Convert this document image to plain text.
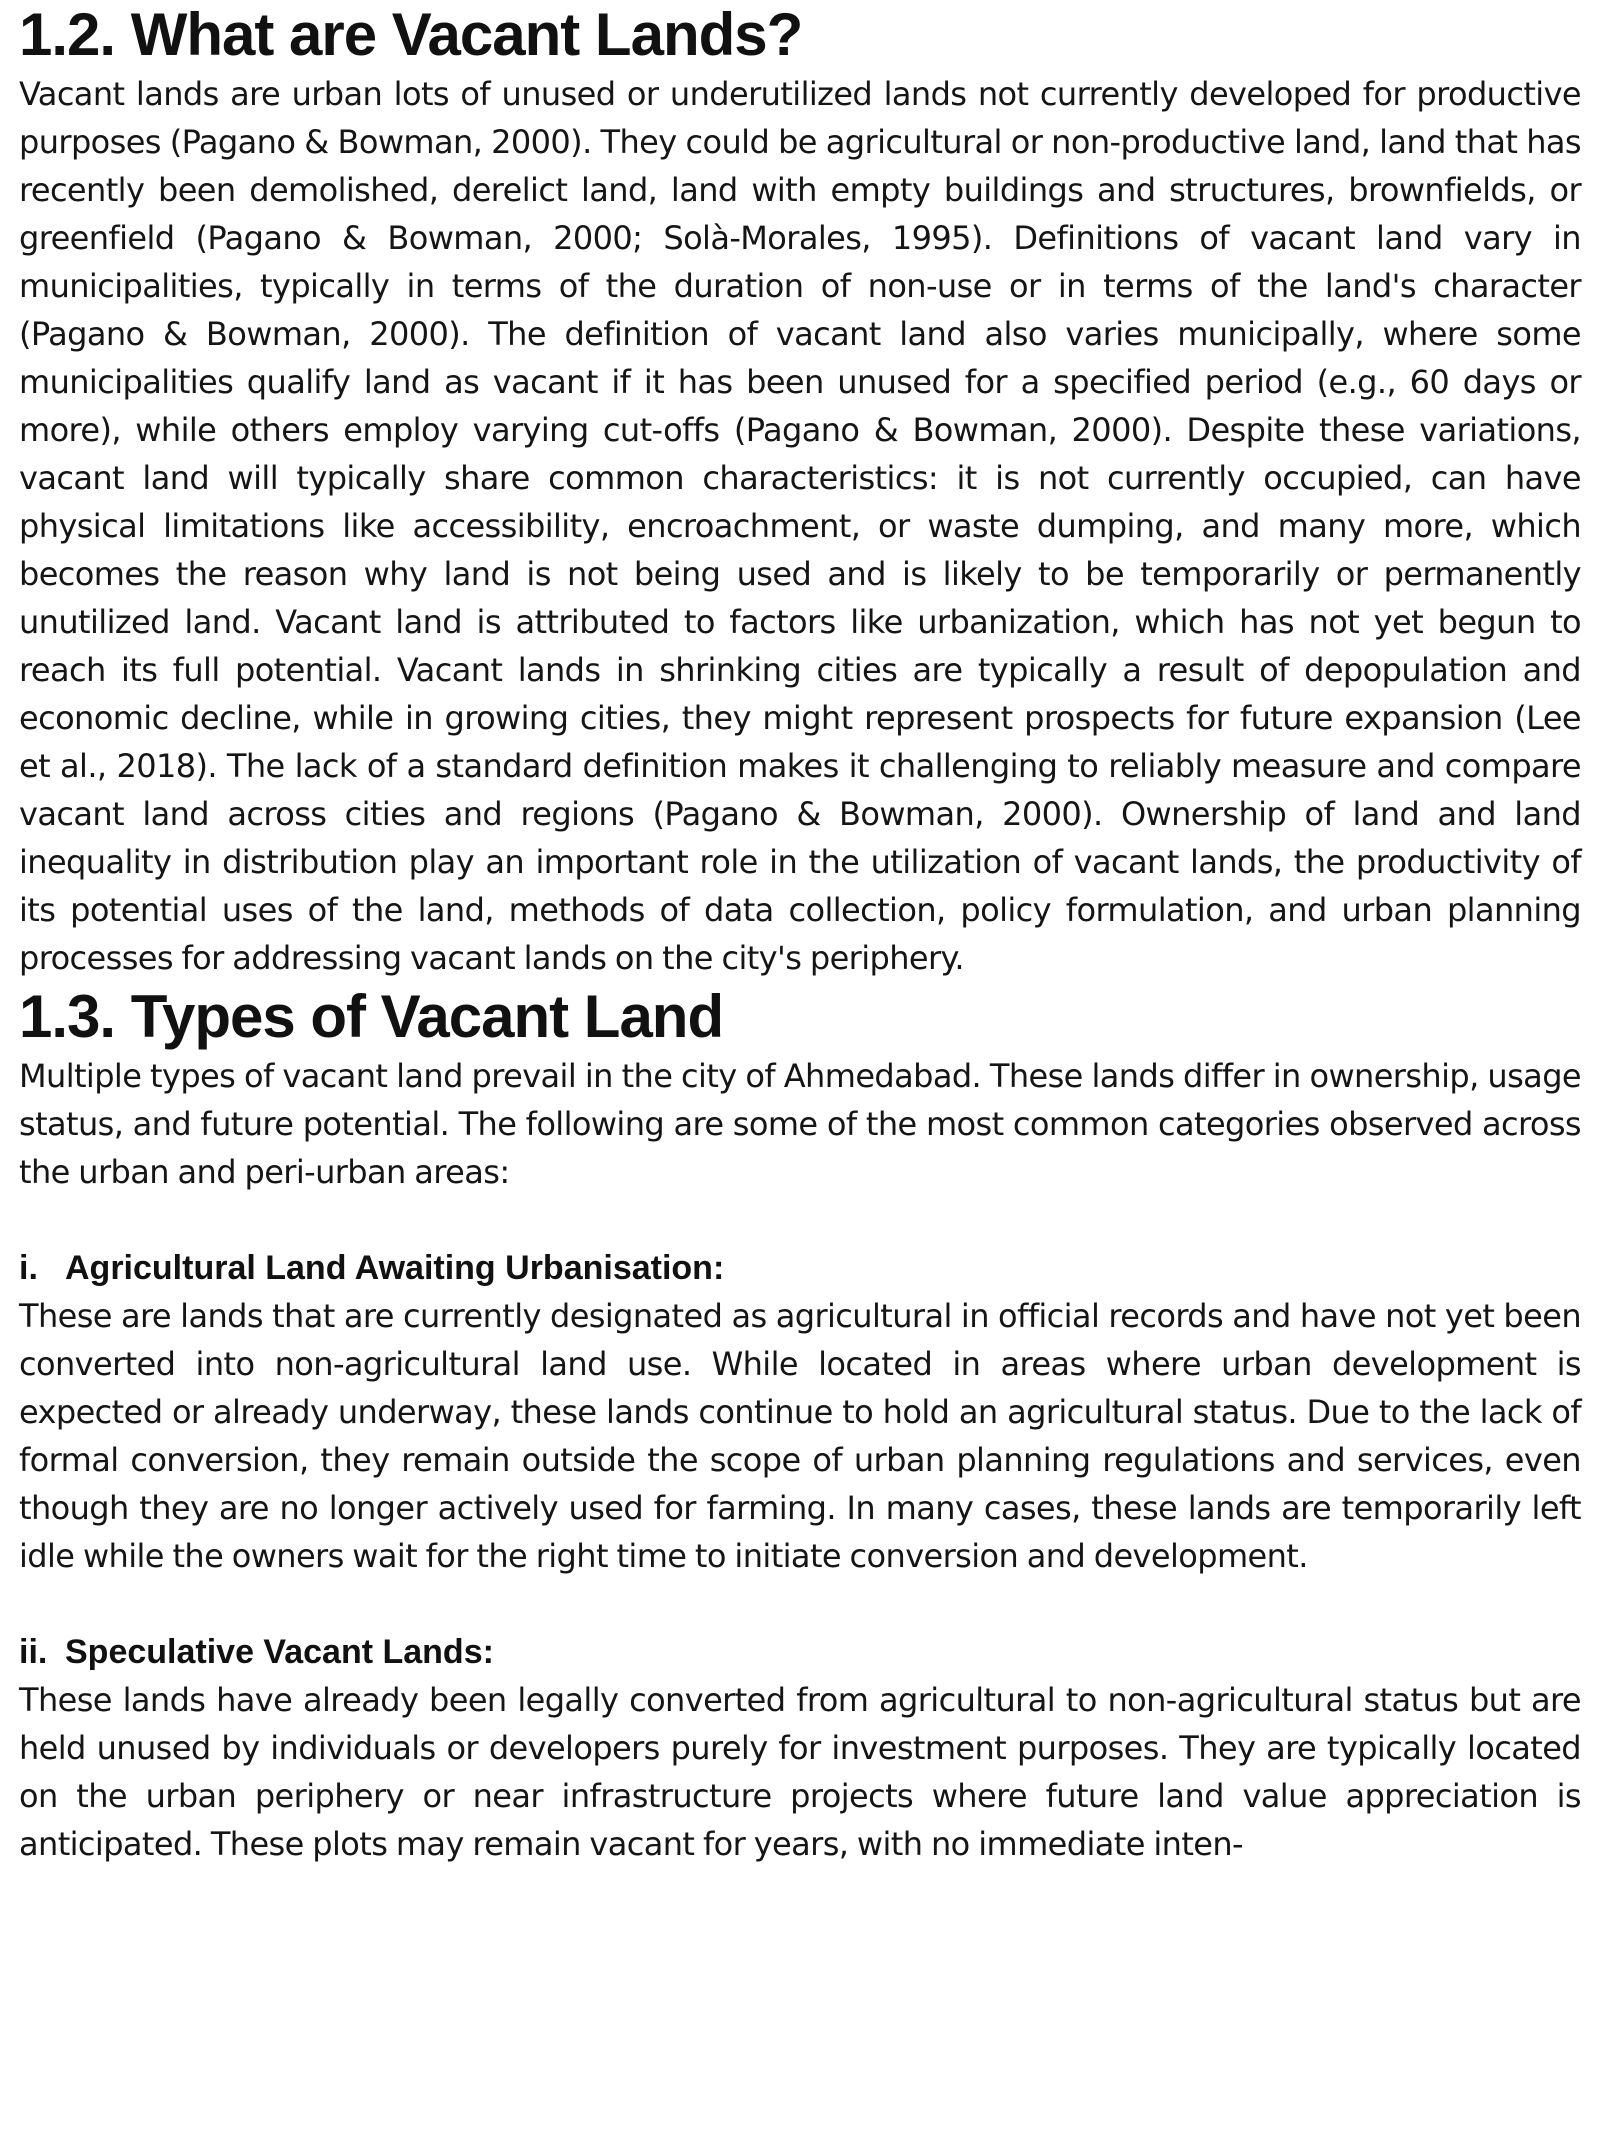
1.2. What are Vacant Lands?

Vacant lands are urban lots of unused or underutilized lands not currently developed for productive purposes (Pagano & Bowman, 2000). They could be agricultural or non-productive land, land that has recently been demolished, derelict land, land with empty buildings and structures, brownfields, or greenfield (Pagano & Bowman, 2000; Solà-Morales, 1995). Definitions of vacant land vary in municipalities, typically in terms of the duration of non-use or in terms of the land's character (Pagano & Bowman, 2000). The definition of vacant land also varies municipally, where some municipalities qualify land as vacant if it has been unused for a specified period (e.g., 60 days or more), while others employ varying cut-offs (Pagano & Bowman, 2000). Despite these variations, vacant land will typically share common characteristics: it is not currently occupied, can have physical limitations like accessibility, encroachment, or waste dumping, and many more, which becomes the reason why land is not being used and is likely to be temporarily or permanently unutilized land. Vacant land is attributed to factors like urbanization, which has not yet begun to reach its full potential. Vacant lands in shrinking cities are typically a result of depopulation and economic decline, while in growing cities, they might represent prospects for future expansion (Lee et al., 2018). The lack of a standard definition makes it challenging to reliably measure and compare vacant land across cities and regions (Pagano & Bowman, 2000). Ownership of land and land inequality in distribution play an important role in the utilization of vacant lands, the productivity of its potential uses of the land, methods of data collection, policy formulation, and urban planning processes for addressing vacant lands on the city's periphery.

1.3. Types of Vacant Land

Multiple types of vacant land prevail in the city of Ahmedabad. These lands differ in ownership, usage status, and future potential. The following are some of the most common categories observed across the urban and peri-urban areas:

i. Agricultural Land Awaiting Urbanisation:

These are lands that are currently designated as agricultural in official records and have not yet been converted into non-agricultural land use. While located in areas where urban development is expected or already underway, these lands continue to hold an agricultural status. Due to the lack of formal conversion, they remain outside the scope of urban planning regulations and services, even though they are no longer actively used for farming. In many cases, these lands are temporarily left idle while the owners wait for the right time to initiate conversion and development.

ii. Speculative Vacant Lands:

These lands have already been legally converted from agricultural to non-agricultural status but are held unused by individuals or developers purely for investment purposes. They are typically located on the urban periphery or near infrastructure projects where future land value appreciation is anticipated. These plots may remain vacant for years, with no immediate inten-
